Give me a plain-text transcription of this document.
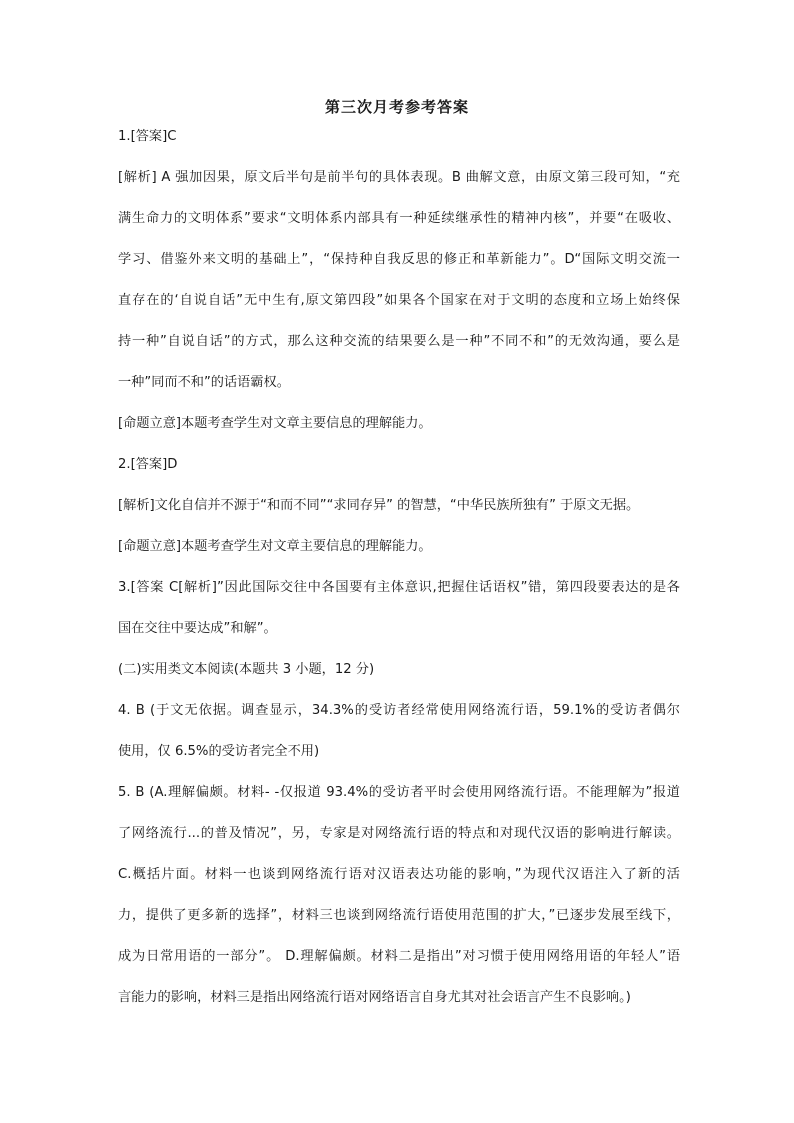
第三次月考参考答案
1.[答案]C
[解析] A 强加因果，原文后半句是前半句的具体表现。B 曲解文意，由原文第三段可知，“充
满生命力的文明体系”要求“文明体系内部具有一种延续继承性的精神内核”，并要“在吸收、
学习、借鉴外来文明的基础上”，“保持种自我反思的修正和革新能力”。D“国际文明交流一
直存在的‘自说自话”无中生有,原文第四段”如果各个国家在对于文明的态度和立场上始终保
持一种”自说自话”的方式，那么这种交流的结果要么是一种”不同不和”的无效沟通，要么是
一种”同而不和”的话语霸权。
[命题立意]本题考查学生对文章主要信息的理解能力。
2.[答案]D
[解析]文化自信并不源于“和而不同”“求同存异” 的智慧，“中华民族所独有” 于原文无据。
[命题立意]本题考查学生对文章主要信息的理解能力。
3.[答案 C[解析]”因此国际交往中各国要有主体意识,把握住话语权”错，第四段要表达的是各
国在交往中要达成”和解”。
(二)实用类文本阅读(本题共 3 小题，12 分)
4. B (于文无依据。调查显示，34.3%的受访者经常使用网络流行语，59.1%的受访者偶尔
使用，仅 6.5%的受访者完全不用)
5. B (A.理解偏颇。材料- -仅报道 93.4%的受访者平时会使用网络流行语。不能理解为”报道
了网络流行...的普及情况”，另，专家是对网络流行语的特点和对现代汉语的影响进行解读。
C.概括片面。材料一也谈到网络流行语对汉语表达功能的影响，”为现代汉语注入了新的活
力，提供了更多新的选择”，材料三也谈到网络流行语使用范围的扩大，”已逐步发展至线下，
成为日常用语的一部分”。 D.理解偏颇。材料二是指出”对习惯于使用网络用语的年轻人”语
言能力的影响，材料三是指出网络流行语对网络语言自身尤其对社会语言产生不良影响。)
